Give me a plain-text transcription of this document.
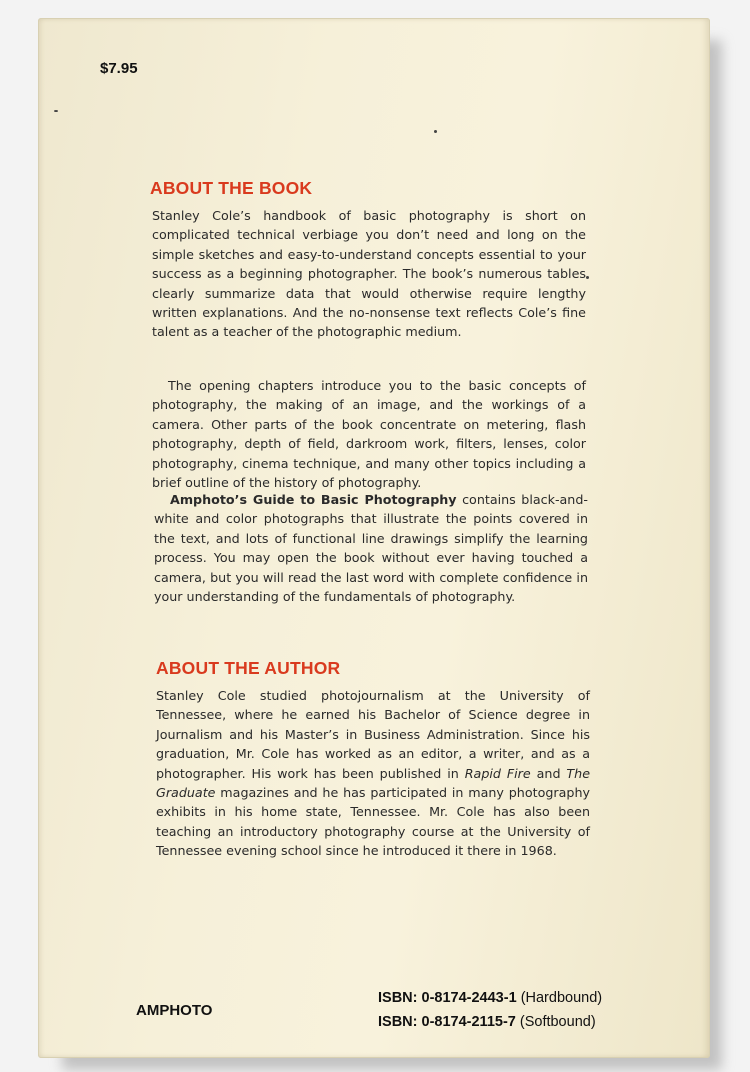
$7.95
ABOUT THE BOOK

Stanley Cole’s handbook of basic photography is short on complicated technical verbiage you don’t need and long on the simple sketches and easy-to-understand concepts essential to your success as a beginning photographer. The book’s numerous tables clearly summarize data that would otherwise require lengthy written explanations. And the no-nonsense text reflects Cole’s fine talent as a teacher of the photographic medium.

The opening chapters introduce you to the basic concepts of photography, the making of an image, and the workings of a camera. Other parts of the book concentrate on metering, flash photography, depth of field, darkroom work, filters, lenses, color photography, cinema technique, and many other topics including a brief outline of the history of photography.

Amphoto’s Guide to Basic Photography contains black-and-white and color photographs that illustrate the points covered in the text, and lots of functional line drawings simplify the learning process. You may open the book without ever having touched a camera, but you will read the last word with complete confidence in your understanding of the fundamentals of photography.

ABOUT THE AUTHOR

Stanley Cole studied photojournalism at the University of Tennessee, where he earned his Bachelor of Science degree in Journalism and his Master’s in Business Administration. Since his graduation, Mr. Cole has worked as an editor, a writer, and as a photographer. His work has been published in Rapid Fire and The Graduate magazines and he has participated in many photography exhibits in his home state, Tennessee. Mr. Cole has also been teaching an introductory photography course at the University of Tennessee evening school since he introduced it there in 1968.

AMPHOTO
ISBN: 0-8174-2443-1 (Hardbound)
ISBN: 0-8174-2115-7 (Softbound)
